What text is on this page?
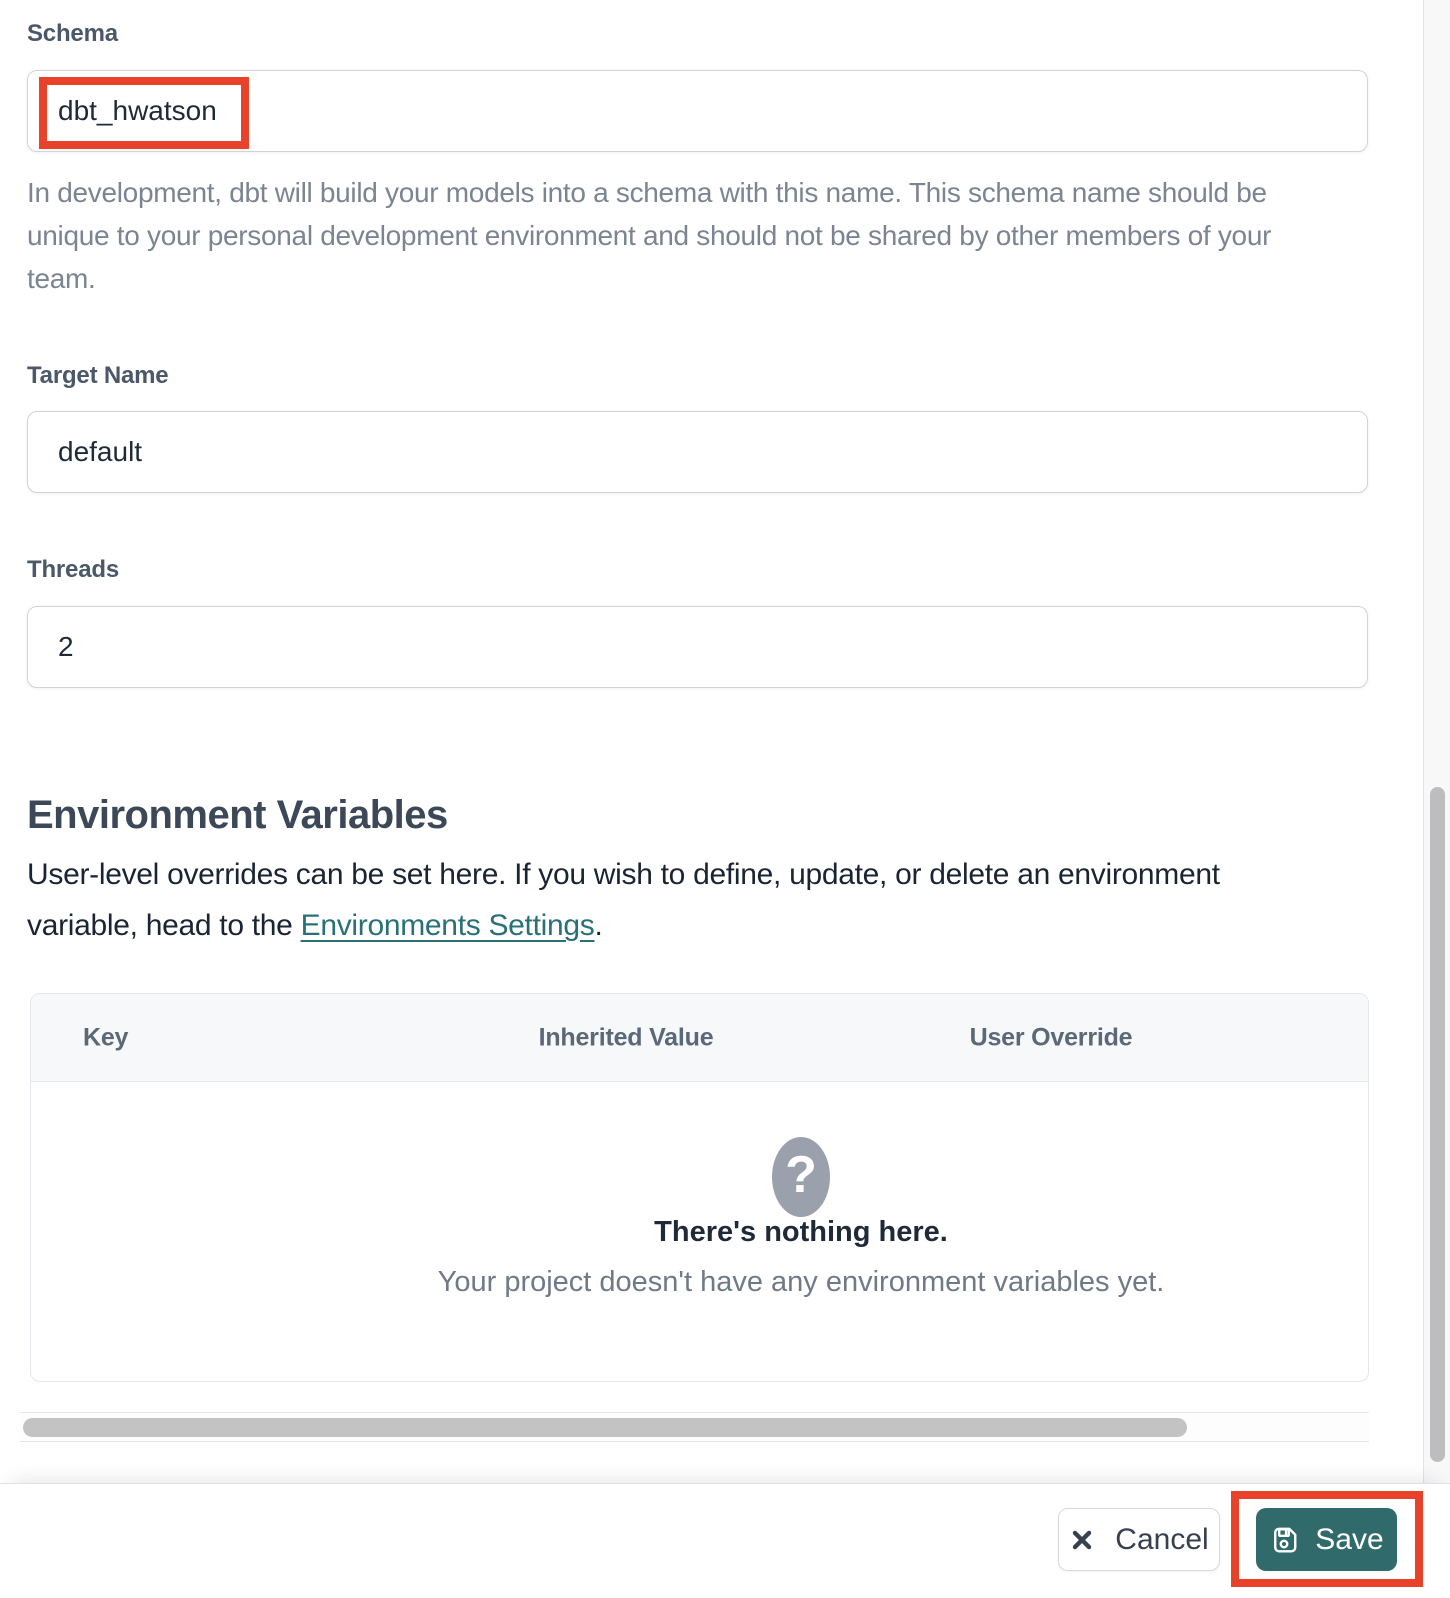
Schema
dbt_hwatson
In development, dbt will build your models into a schema with this name. This schema name should be
unique to your personal development environment and should not be shared by other members of your
team.
Target Name
default
Threads
2
Environment Variables
User-level overrides can be set here. If you wish to define, update, or delete an environment
variable, head to the Environments Settings.
Key	Inherited Value	User Override
?
There's nothing here.
Your project doesn't have any environment variables yet.
Cancel	Save
